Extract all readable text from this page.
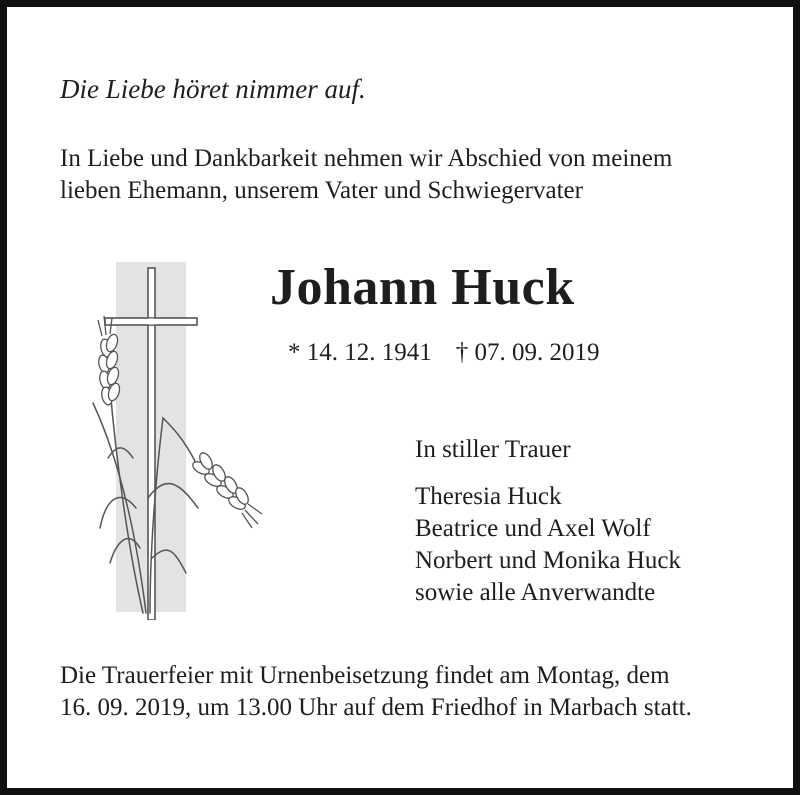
Die Liebe höret nimmer auf.
In Liebe und Dankbarkeit nehmen wir Abschied von meinem
lieben Ehemann, unserem Vater und Schwiegervater
Johann Huck
* 14. 12. 1941 † 07. 09. 2019
In stiller Trauer
Theresia Huck
Beatrice und Axel Wolf
Norbert und Monika Huck
sowie alle Anverwandte
Die Trauerfeier mit Urnenbeisetzung findet am Montag, dem
16. 09. 2019, um 13.00 Uhr auf dem Friedhof in Marbach statt.
